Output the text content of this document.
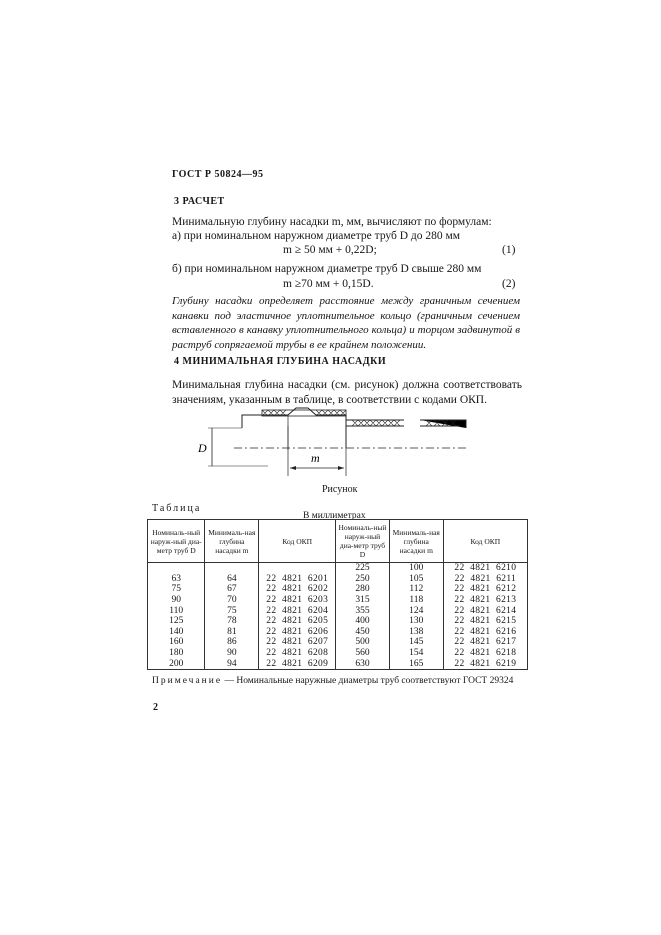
ГОСТ Р 50824—95
3 РАСЧЕТ
Минимальную глубину насадки m, мм, вычисляют по формулам:
а) при номинальном наружном диаметре труб D до 280 мм
m ≥ 50 мм + 0,22D;	(1)
б) при номинальном наружном диаметре труб D свыше 280 мм
m ≥70 мм + 0,15D.	(2)
Глубину насадки определяет расстояние между граничным сечением канавки под эластичное уплотнительное кольцо (граничным сечением вставленного в канавку уплотнительного кольца) и торцом задвинутой в раструб сопрягаемой трубы в ее крайнем положении.
4 МИНИМАЛЬНАЯ ГЛУБИНА НАСАДКИ
Минимальная глубина насадки (см. рисунок) должна соответствовать значениям, указанным в таблице, в соответствии с кодами ОКП.
D
m
Рисунок
Таблица
В миллиметрах
Номиналь-ный наруж-ный диа-метр труб D	Минималь-ная глубина насадки m	Код ОКП	Номиналь-ный наруж-ный диа-метр труб D	Минималь-ная глубина насадки m	Код ОКП
			225	100	22 4821 6210
63	64	22 4821 6201	250	105	22 4821 6211
75	67	22 4821 6202	280	112	22 4821 6212
90	70	22 4821 6203	315	118	22 4821 6213
110	75	22 4821 6204	355	124	22 4821 6214
125	78	22 4821 6205	400	130	22 4821 6215
140	81	22 4821 6206	450	138	22 4821 6216
160	86	22 4821 6207	500	145	22 4821 6217
180	90	22 4821 6208	560	154	22 4821 6218
200	94	22 4821 6209	630	165	22 4821 6219
Примечание — Номинальные наружные диаметры труб соответствуют ГОСТ 29324
2
